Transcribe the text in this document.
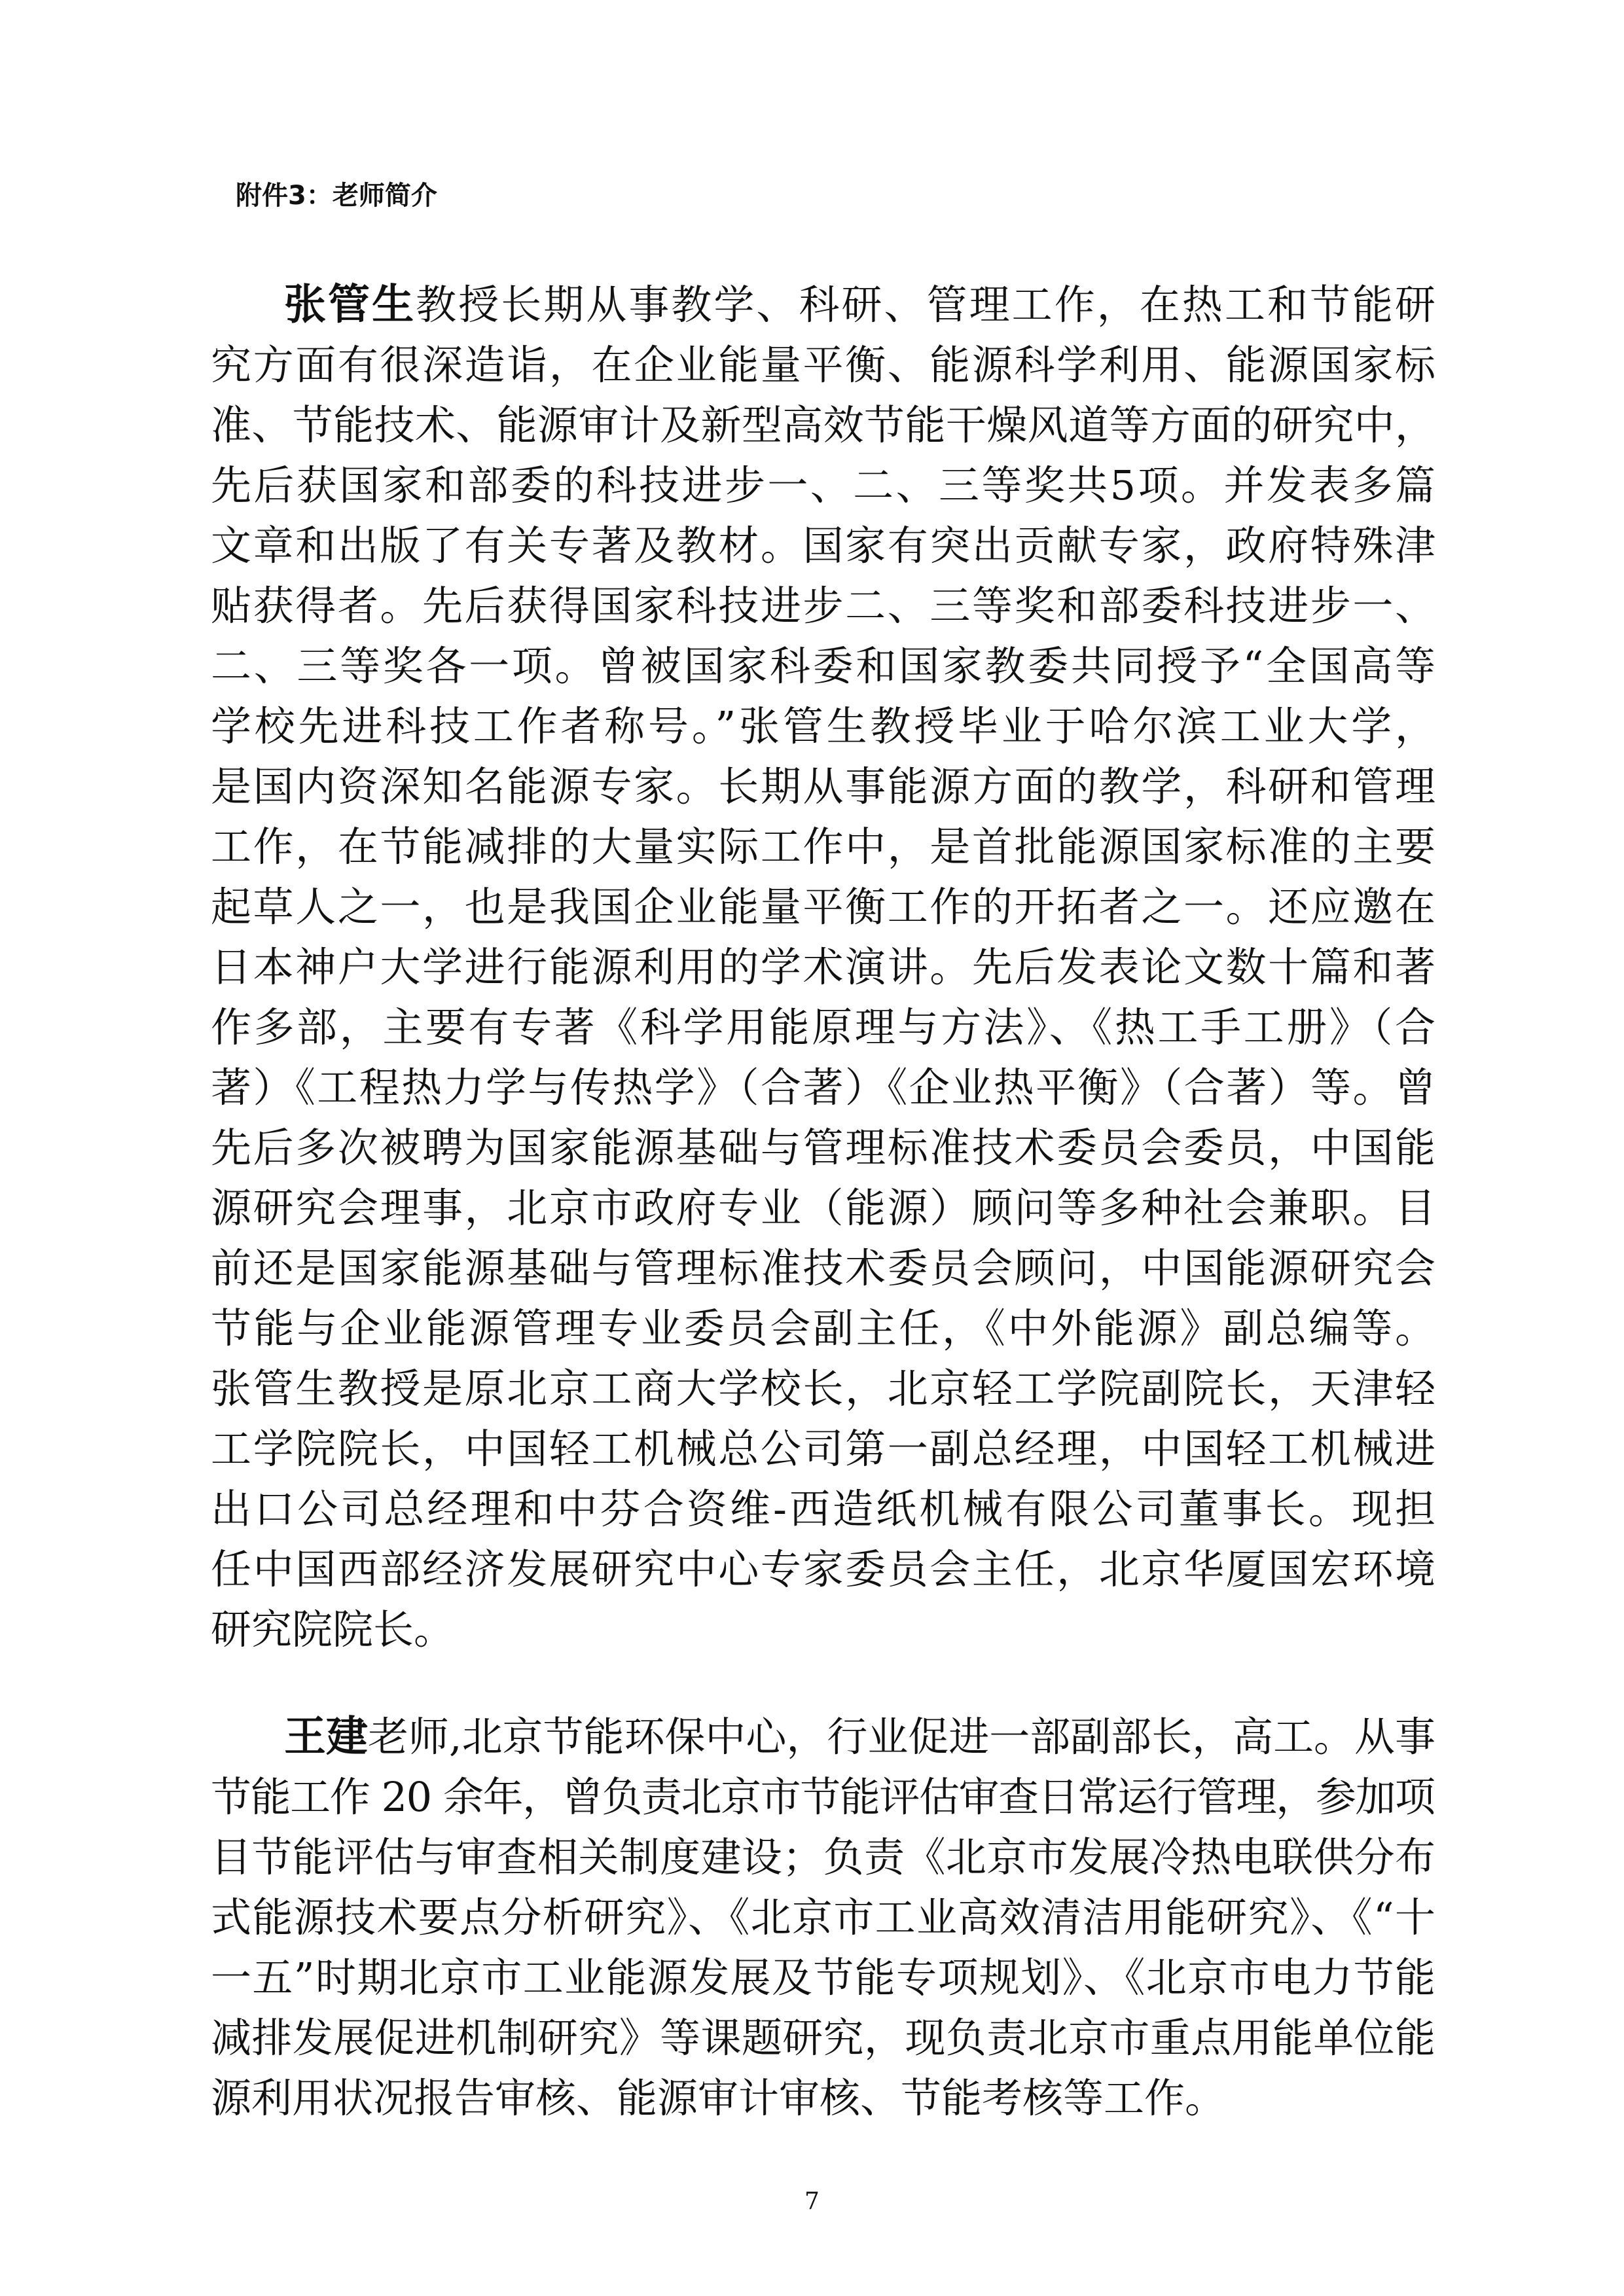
附件3：老师简介
张管生教授长期从事教学、科研、管理工作，在热工和节能研
究方面有很深造诣，在企业能量平衡、能源科学利用、能源国家标
准、节能技术、能源审计及新型高效节能干燥风道等方面的研究中，
先后获国家和部委的科技进步一、二、三等奖共5项。并发表多篇
文章和出版了有关专著及教材。国家有突出贡献专家，政府特殊津
贴获得者。先后获得国家科技进步二、三等奖和部委科技进步一、
二、三等奖各一项。曾被国家科委和国家教委共同授予“全国高等
学校先进科技工作者称号。”张管生教授毕业于哈尔滨工业大学，
是国内资深知名能源专家。长期从事能源方面的教学，科研和管理
工作，在节能减排的大量实际工作中，是首批能源国家标准的主要
起草人之一，也是我国企业能量平衡工作的开拓者之一。还应邀在
日本神户大学进行能源利用的学术演讲。先后发表论文数十篇和著
作多部，主要有专著《科学用能原理与方法》、《热工手工册》（合
著）《工程热力学与传热学》（合著）《企业热平衡》（合著）等。曾
先后多次被聘为国家能源基础与管理标准技术委员会委员，中国能
源研究会理事，北京市政府专业（能源）顾问等多种社会兼职。目
前还是国家能源基础与管理标准技术委员会顾问，中国能源研究会
节能与企业能源管理专业委员会副主任，《中外能源》副总编等。
张管生教授是原北京工商大学校长，北京轻工学院副院长，天津轻
工学院院长，中国轻工机械总公司第一副总经理，中国轻工机械进
出口公司总经理和中芬合资维-西造纸机械有限公司董事长。现担
任中国西部经济发展研究中心专家委员会主任，北京华厦国宏环境
研究院院长。
王建老师,北京节能环保中心，行业促进一部副部长，高工。从事
节能工作 20 余年，曾负责北京市节能评估审查日常运行管理，参加项
目节能评估与审查相关制度建设；负责《北京市发展冷热电联供分布
式能源技术要点分析研究》、《北京市工业高效清洁用能研究》、《“十
一五”时期北京市工业能源发展及节能专项规划》、《北京市电力节能
减排发展促进机制研究》等课题研究，现负责北京市重点用能单位能
源利用状况报告审核、能源审计审核、节能考核等工作。
7
